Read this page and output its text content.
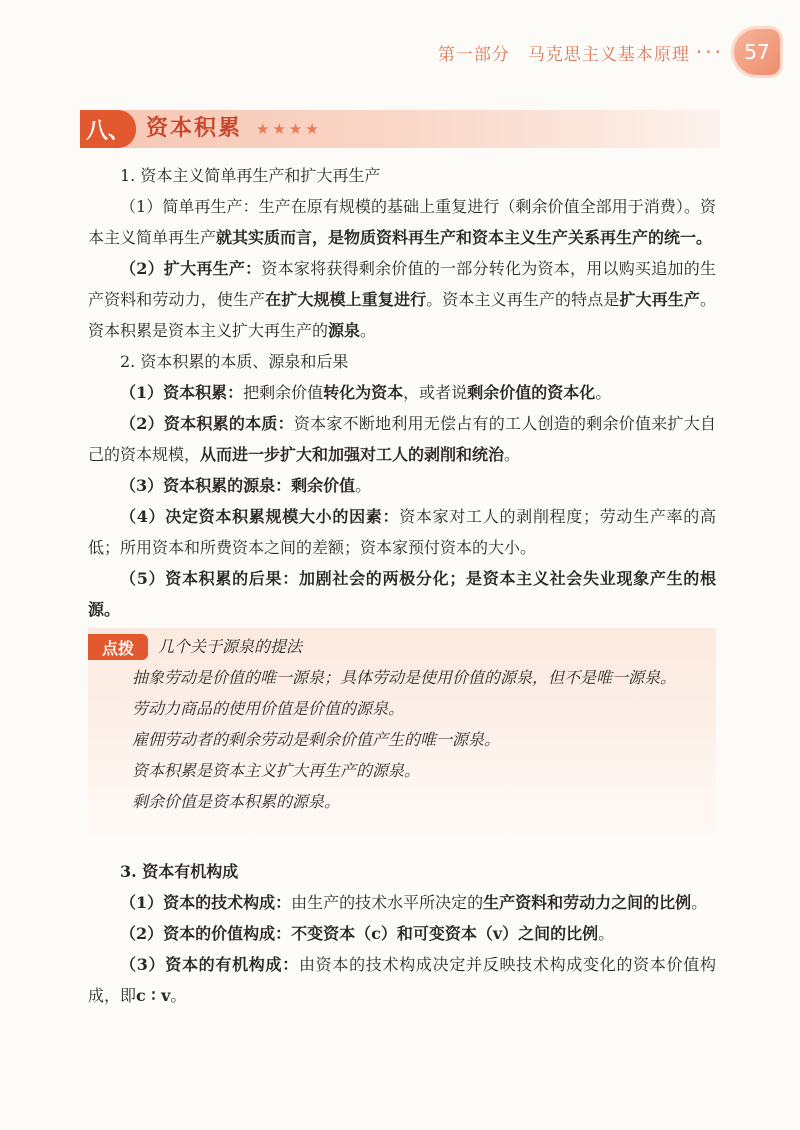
第一部分　马克思主义基本原理 ···	57
八、 资本积累 ★★★★

1. 资本主义简单再生产和扩大再生产

（1）简单再生产：生产在原有规模的基础上重复进行（剩余价值全部用于消费）。资本主义简单再生产就其实质而言，是物质资料再生产和资本主义生产关系再生产的统一。

（2）扩大再生产：资本家将获得剩余价值的一部分转化为资本，用以购买追加的生产资料和劳动力，使生产在扩大规模上重复进行。资本主义再生产的特点是扩大再生产。资本积累是资本主义扩大再生产的源泉。

2. 资本积累的本质、源泉和后果

（1）资本积累：把剩余价值转化为资本，或者说剩余价值的资本化。

（2）资本积累的本质：资本家不断地利用无偿占有的工人创造的剩余价值来扩大自己的资本规模，从而进一步扩大和加强对工人的剥削和统治。

（3）资本积累的源泉：剩余价值。

（4）决定资本积累规模大小的因素：资本家对工人的剥削程度；劳动生产率的高低；所用资本和所费资本之间的差额；资本家预付资本的大小。

（5）资本积累的后果：加剧社会的两极分化；是资本主义社会失业现象产生的根源。

点拨	几个关于源泉的提法

抽象劳动是价值的唯一源泉；具体劳动是使用价值的源泉，但不是唯一源泉。

劳动力商品的使用价值是价值的源泉。

雇佣劳动者的剩余劳动是剩余价值产生的唯一源泉。

资本积累是资本主义扩大再生产的源泉。

剩余价值是资本积累的源泉。

3. 资本有机构成

（1）资本的技术构成：由生产的技术水平所决定的生产资料和劳动力之间的比例。

（2）资本的价值构成：不变资本（c）和可变资本（v）之间的比例。

（3）资本的有机构成：由资本的技术构成决定并反映技术构成变化的资本价值构成，即c ∶ v。
